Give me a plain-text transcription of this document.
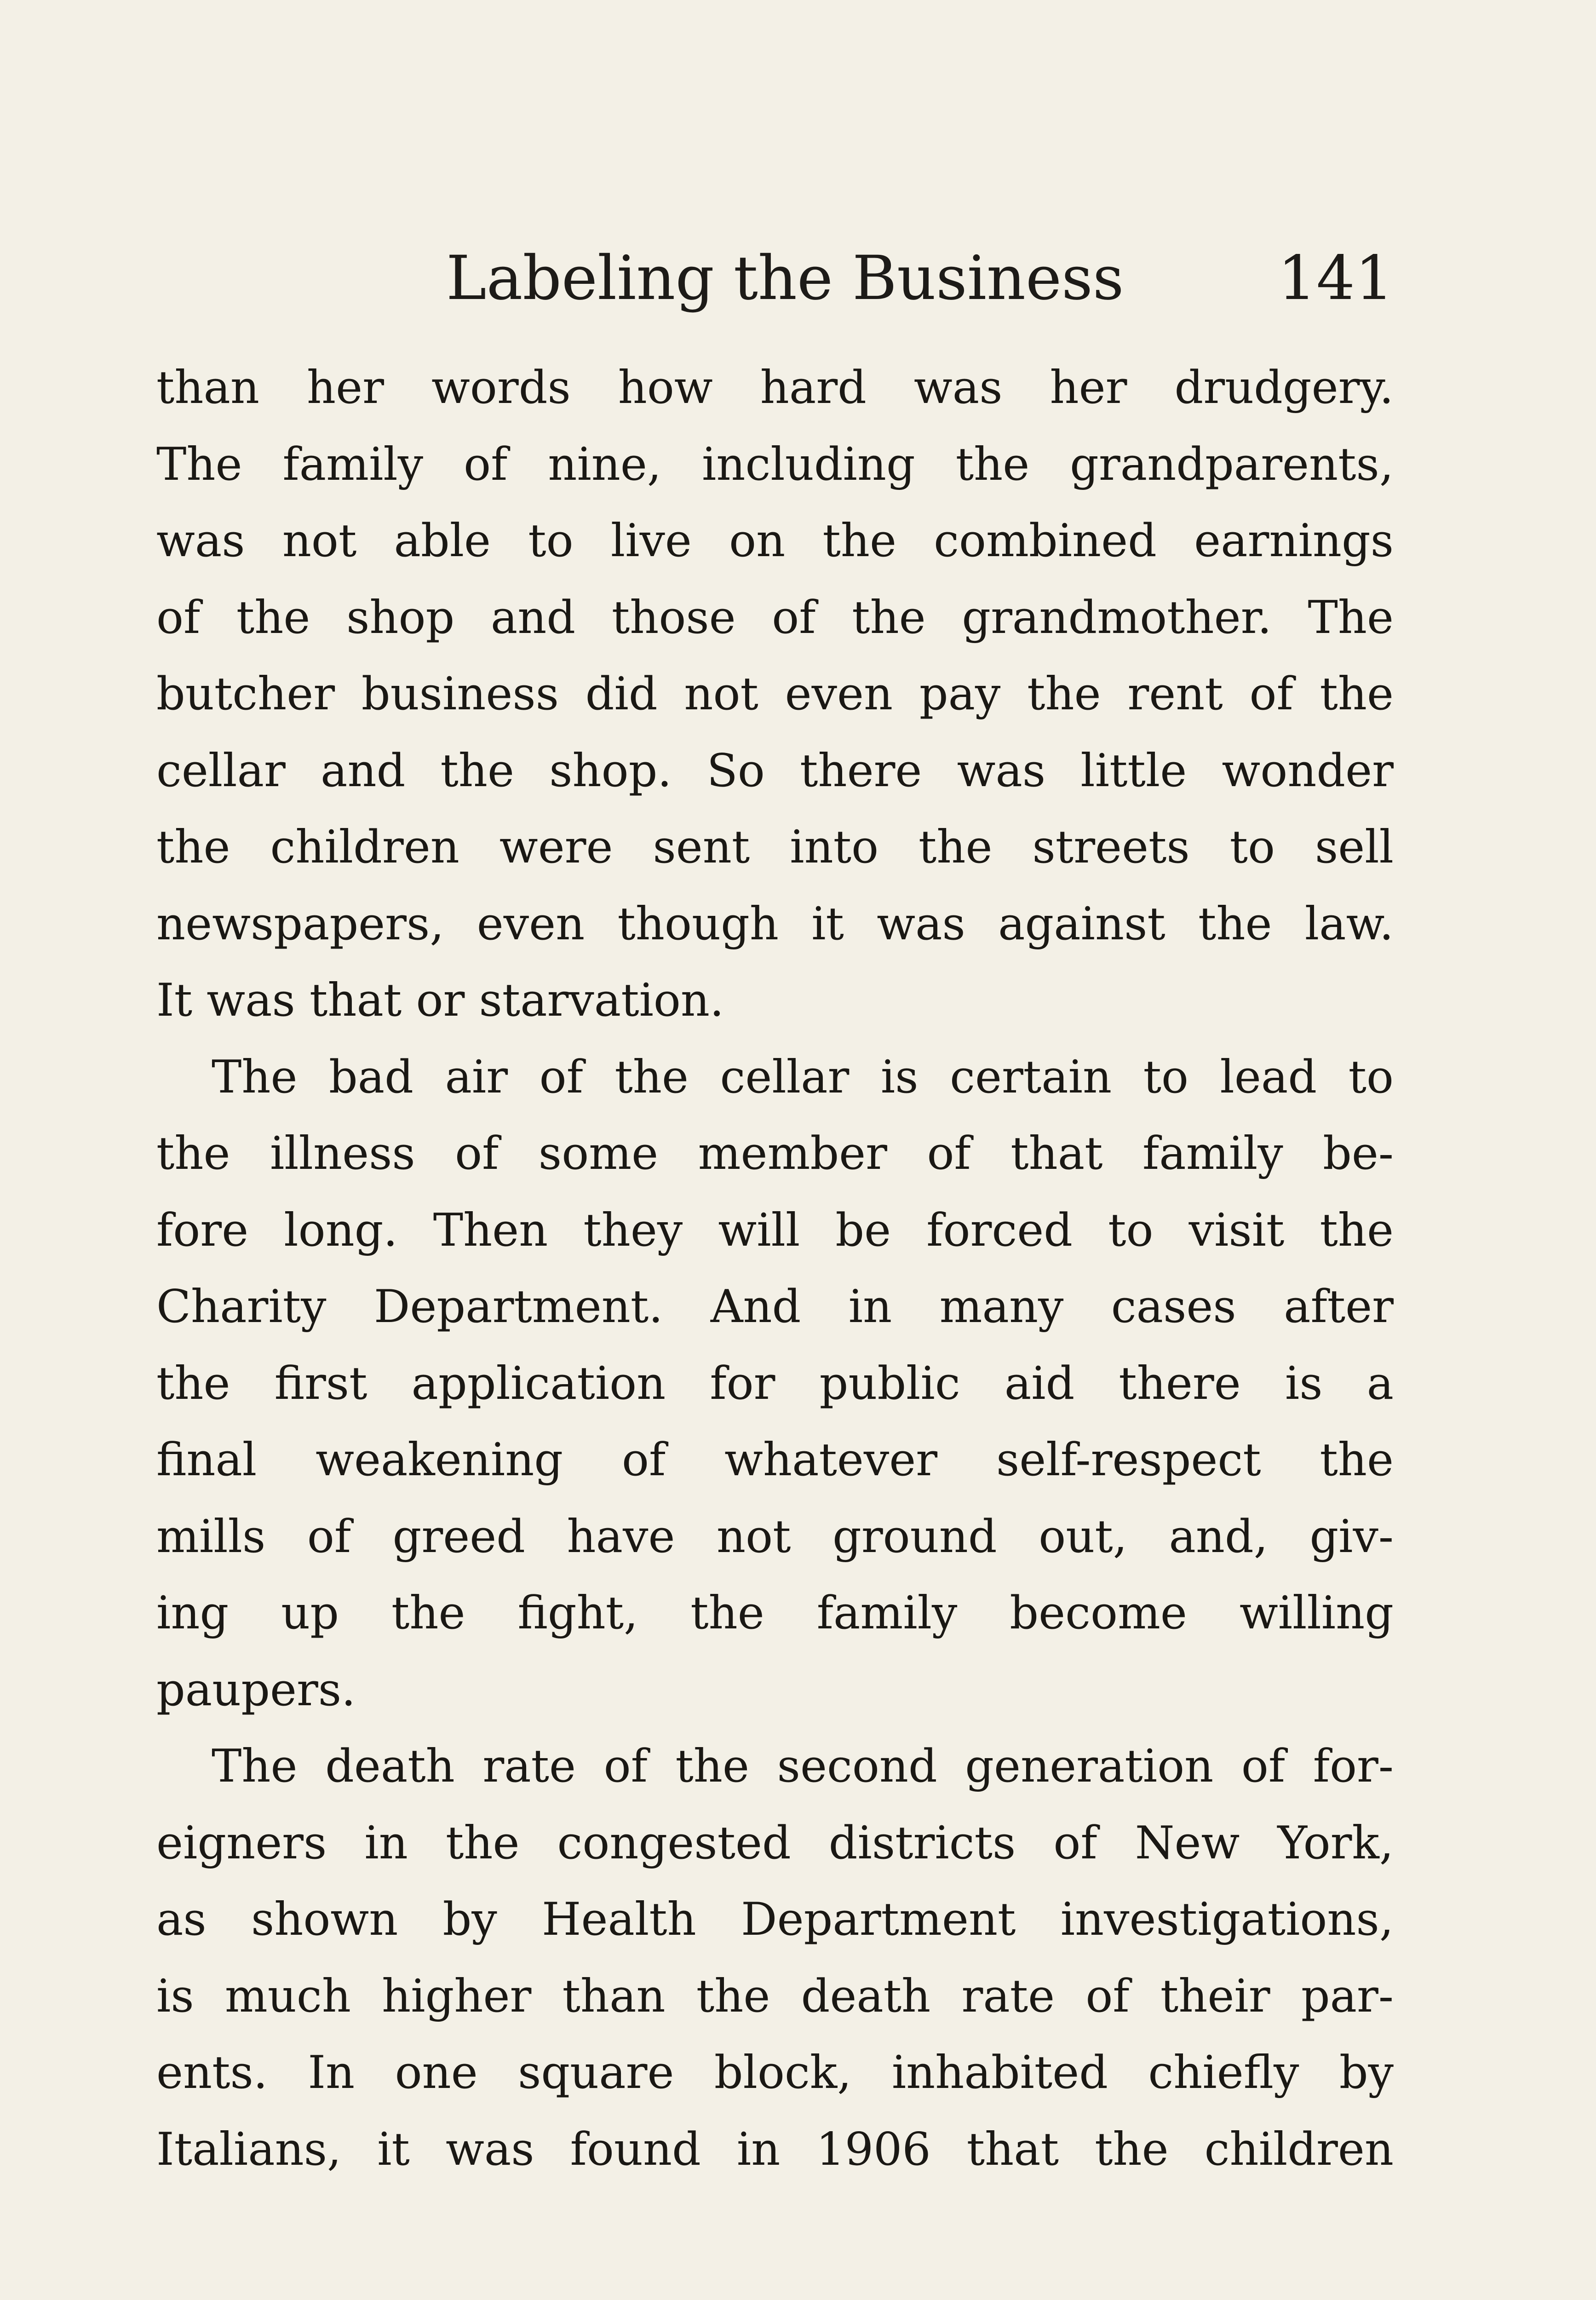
Labeling the Business	141
than her words how hard was her drudgery.
The family of nine, including the grandparents,
was not able to live on the combined earnings
of the shop and those of the grandmother. The
butcher business did not even pay the rent of the
cellar and the shop. So there was little wonder
the children were sent into the streets to sell
newspapers, even though it was against the law.
It was that or starvation.
The bad air of the cellar is certain to lead to
the illness of some member of that family be-
fore long. Then they will be forced to visit the
Charity Department. And in many cases after
the first application for public aid there is a
final weakening of whatever self-respect the
mills of greed have not ground out, and, giv-
ing up the fight, the family become willing
paupers.
The death rate of the second generation of for-
eigners in the congested districts of New York,
as shown by Health Department investigations,
is much higher than the death rate of their par-
ents. In one square block, inhabited chiefly by
Italians, it was found in 1906 that the children
